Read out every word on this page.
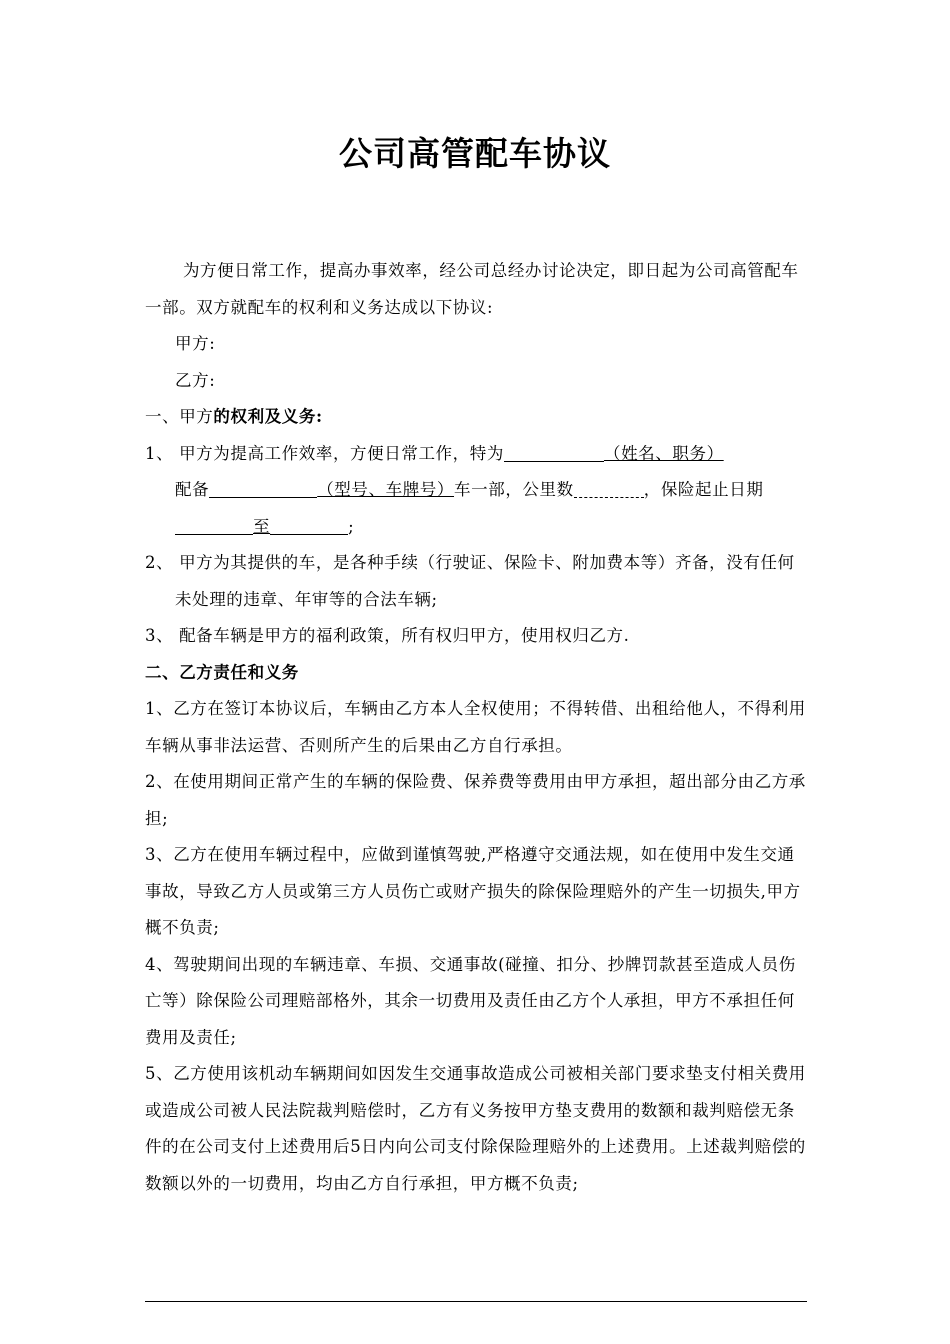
公司高管配车协议

为方便日常工作，提高办事效率，经公司总经办讨论决定，即日起为公司高管配车一部。双方就配车的权利和义务达成以下协议:

甲方:

乙方:

一、甲方的权利及义务:

1、 甲方为提高工作效率，方便日常工作，特为	（姓名、职务）
配备	（型号、车牌号）车一部，公里数	，保险起止日期
至	;

2、 甲方为其提供的车，是各种手续（行驶证、保险卡、附加费本等）齐备，没有任何未处理的违章、年审等的合法车辆;

3、 配备车辆是甲方的福利政策，所有权归甲方，使用权归乙方.

二、乙方责任和义务

1、乙方在签订本协议后，车辆由乙方本人全权使用；不得转借、出租给他人，不得利用车辆从事非法运营、否则所产生的后果由乙方自行承担。

2、在使用期间正常产生的车辆的保险费、保养费等费用由甲方承担，超出部分由乙方承担;

3、乙方在使用车辆过程中，应做到谨慎驾驶,严格遵守交通法规，如在使用中发生交通事故，导致乙方人员或第三方人员伤亡或财产损失的除保险理赔外的产生一切损失,甲方概不负责;

4、驾驶期间出现的车辆违章、车损、交通事故(碰撞、扣分、抄牌罚款甚至造成人员伤亡等）除保险公司理赔部格外，其余一切费用及责任由乙方个人承担，甲方不承担任何费用及责任;

5、乙方使用该机动车辆期间如因发生交通事故造成公司被相关部门要求垫支付相关费用或造成公司被人民法院裁判赔偿时，乙方有义务按甲方垫支费用的数额和裁判赔偿无条件的在公司支付上述费用后5日内向公司支付除保险理赔外的上述费用。上述裁判赔偿的数额以外的一切费用，均由乙方自行承担，甲方概不负责;
